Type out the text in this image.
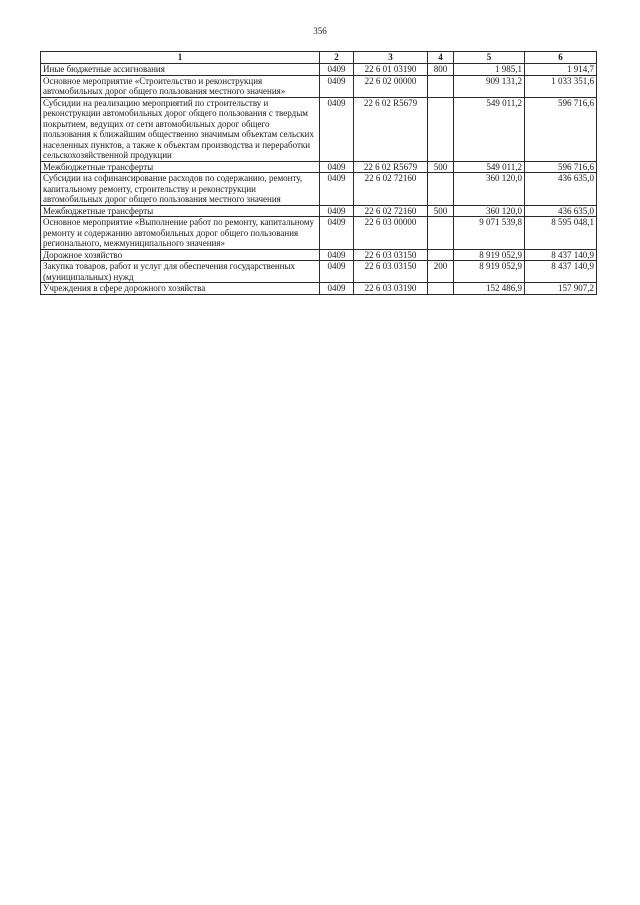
356
1	2	3	4	5	6
Иные бюджетные ассигнования	0409	22 6 01 03190	800	1 985,1	1 914,7
Основное мероприятие «Строительство и реконструкция автомобильных дорог общего пользования местного значения»	0409	22 6 02 00000		909 131,2	1 033 351,6
Субсидии на реализацию мероприятий по строительству и реконструкции автомобильных дорог общего пользования с твердым покрытием, ведущих от сети автомобильных дорог общего пользования к ближайшим общественно значимым объектам сельских населенных пунктов, а также к объектам производства и переработки сельскохозяйственной продукции	0409	22 6 02 R5679		549 011,2	596 716,6
Межбюджетные трансферты	0409	22 6 02 R5679	500	549 011,2	596 716,6
Субсидии на софинансирование расходов по содержанию, ремонту, капитальному ремонту, строительству и реконструкции автомобильных дорог общего пользования местного значения	0409	22 6 02 72160		360 120,0	436 635,0
Межбюджетные трансферты	0409	22 6 02 72160	500	360 120,0	436 635,0
Основное мероприятие «Выполнение работ по ремонту, капитальному ремонту и содержанию автомобильных дорог общего пользования регионального, межмуниципального значения»	0409	22 6 03 00000		9 071 539,8	8 595 048,1
Дорожное хозяйство	0409	22 6 03 03150		8 919 052,9	8 437 140,9
Закупка товаров, работ и услуг для обеспечения государственных (муниципальных) нужд	0409	22 6 03 03150	200	8 919 052,9	8 437 140,9
Учреждения в сфере дорожного хозяйства	0409	22 6 03 03190		152 486,9	157 907,2
